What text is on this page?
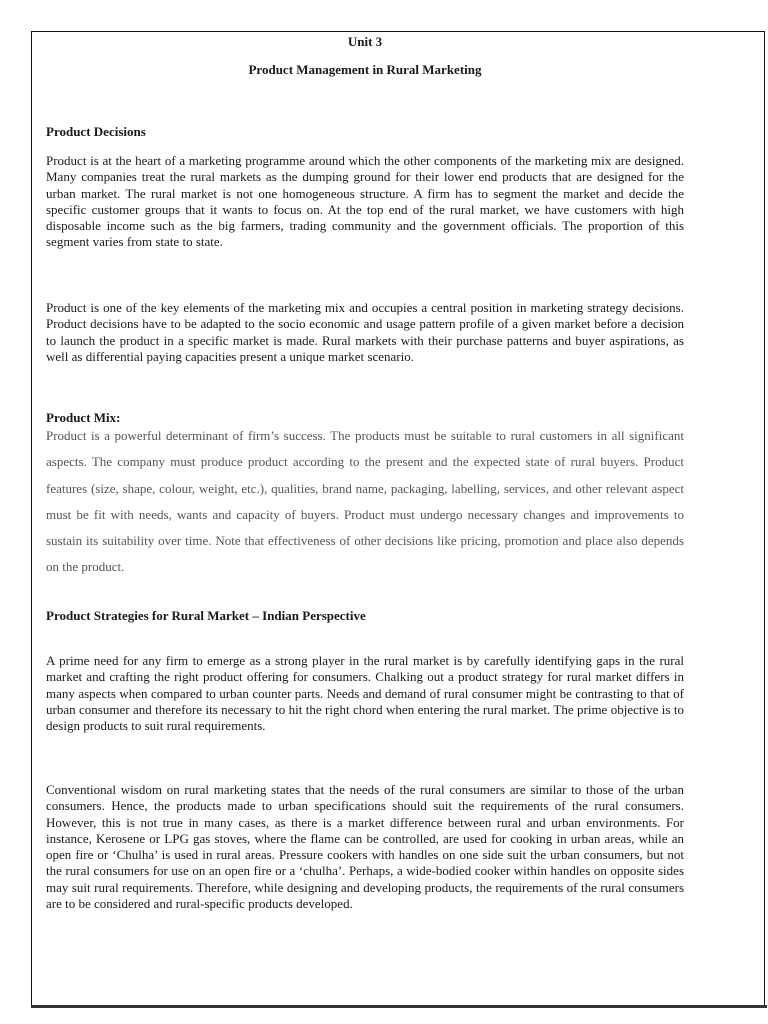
Unit 3
Product Management in Rural Marketing
Product Decisions

Product is at the heart of a marketing programme around which the other components of the marketing mix are designed. Many companies treat the rural markets as the dumping ground for their lower end products that are designed for the urban market. The rural market is not one homogeneous structure. A firm has to segment the market and decide the specific customer groups that it wants to focus on. At the top end of the rural market, we have customers with high disposable income such as the big farmers, trading community and the government officials. The proportion of this segment varies from state to state.

Product is one of the key elements of the marketing mix and occupies a central position in marketing strategy decisions. Product decisions have to be adapted to the socio economic and usage pattern profile of a given market before a decision to launch the product in a specific market is made. Rural markets with their purchase patterns and buyer aspirations, as well as differential paying capacities present a unique market scenario.

Product Mix:

Product is a powerful determinant of firm’s success. The products must be suitable to rural customers in all significant aspects. The company must produce product according to the present and the expected state of rural buyers. Product features (size, shape, colour, weight, etc.), qualities, brand name, packaging, labelling, services, and other relevant aspect must be fit with needs, wants and capacity of buyers. Product must undergo necessary changes and improvements to sustain its suitability over time. Note that effectiveness of other decisions like pricing, promotion and place also depends on the product.

Product Strategies for Rural Market – Indian Perspective

A prime need for any firm to emerge as a strong player in the rural market is by carefully identifying gaps in the rural market and crafting the right product offering for consumers. Chalking out a product strategy for rural market differs in many aspects when compared to urban counter parts. Needs and demand of rural consumer might be contrasting to that of urban consumer and therefore its necessary to hit the right chord when entering the rural market. The prime objective is to design products to suit rural requirements.

Conventional wisdom on rural marketing states that the needs of the rural consumers are similar to those of the urban consumers. Hence, the products made to urban specifications should suit the requirements of the rural consumers. However, this is not true in many cases, as there is a market difference between rural and urban environments. For instance, Kerosene or LPG gas stoves, where the flame can be controlled, are used for cooking in urban areas, while an open fire or ‘Chulha’ is used in rural areas. Pressure cookers with handles on one side suit the urban consumers, but not the rural consumers for use on an open fire or a ‘chulha’. Perhaps, a wide-bodied cooker within handles on opposite sides may suit rural requirements. Therefore, while designing and developing products, the requirements of the rural consumers are to be considered and rural-specific products developed.
